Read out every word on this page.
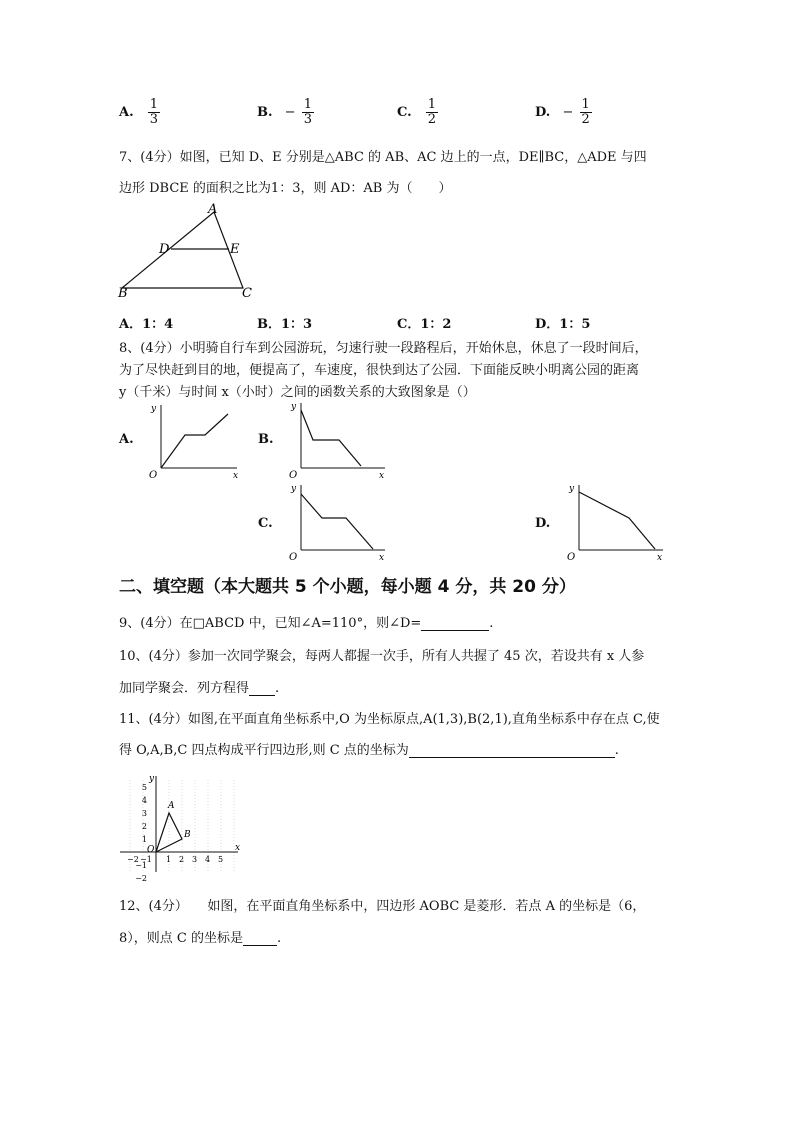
A. $\frac{1}{3}$	B. − $\frac{1}{3}$	C. $\frac{1}{2}$	D. − $\frac{1}{2}$
7、(4分）如图，已知 D、E 分别是△ABC 的 AB、AC 边上的一点，DE∥BC，△ADE 与四
边形 DBCE 的面积之比为1：3，则 AD：AB 为（　　）
A
D	E
B	C
A．1：4	B．1：3	C．1：2	D．1：5
8、(4分）小明骑自行车到公园游玩，匀速行驶一段路程后，开始休息，休息了一段时间后，
为了尽快赶到目的地，便提高了，车速度，很快到达了公园．下面能反映小明离公园的距离
y（千米）与时间 x（小时）之间的函数关系的大致图象是（）
A.
y
O	x
B.
y
O	x
C.
y
O	x
D.
y
O	x
二、填空题（本大题共 5 个小题，每小题 4 分，共 20 分）
9、(4分）在□ABCD 中，已知∠A=110°，则∠D=	.
10、(4分）参加一次同学聚会，每两人都握一次手，所有人共握了 45 次，若设共有 x 人参
加同学聚会．列方程得 .
11、(4分）如图,在平面直角坐标系中,O 为坐标原点,A(1,3),B(2,1),直角坐标系中存在点 C,使
得 O,A,B,C 四点构成平行四边形,则 C 点的坐标为	.
A
B
O	x
y
−2 −1 1 2 3 4 5
5
4
3
2
1
−1
−2
12、(4分）　　如图，在平面直角坐标系中，四边形 AOBC 是菱形．若点 A 的坐标是（6，
8），则点 C 的坐标是	.
